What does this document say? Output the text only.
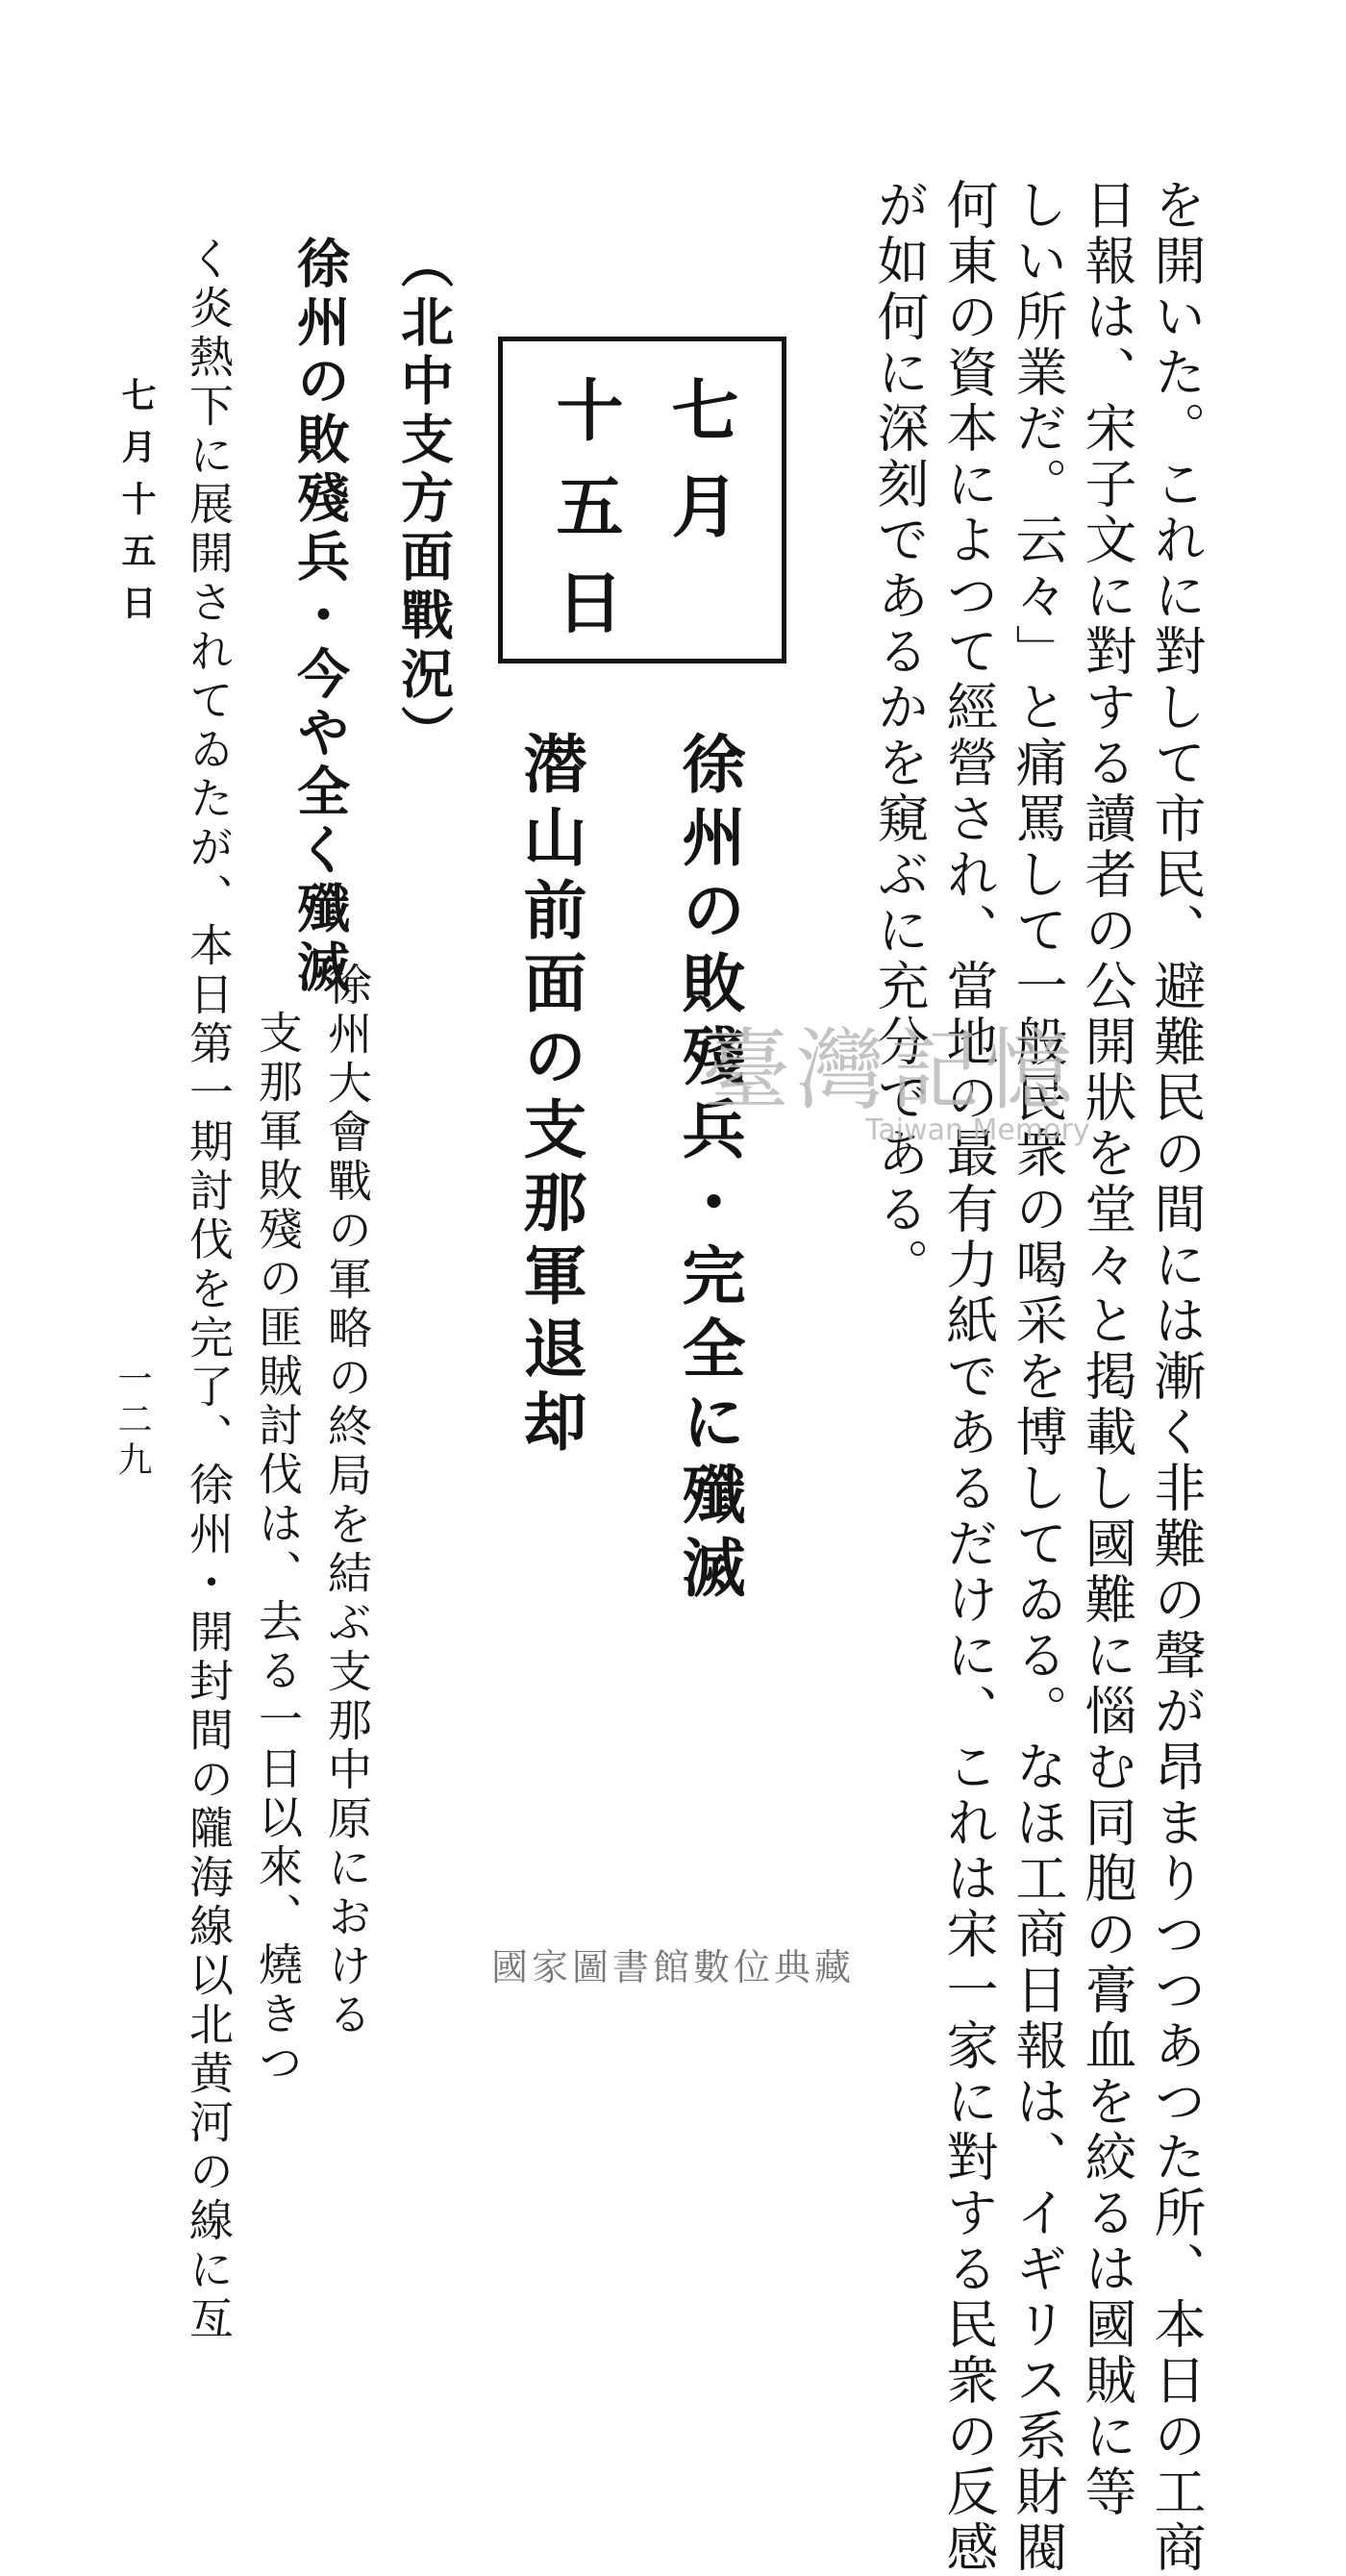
を開いた。これに對して市民、避難民の間には漸く非難の聲が昂まりつつあつた所、本日の工商
日報は、宋子文に對する讀者の公開狀を堂々と掲載し國難に惱む同胞の膏血を絞るは國賊に等
しい所業だ。云々」と痛罵して一般民衆の喝采を博してゐる。なほ工商日報は、イギリス系財閥
何東の資本によつて經營され、當地の最有力紙であるだけに、これは宋一家に對する民衆の反感
が如何に深刻であるかを窺ぶに充分である。
七月
十五日
徐州の敗殘兵・完全に殲滅
潜山前面の支那軍退却
（北中支方面戰況）
徐州の敗殘兵・今や全く殲滅
徐州大會戰の軍略の終局を結ぶ支那中原における
支那軍敗殘の匪賊討伐は、去る一日以來、燒きつ
く炎熱下に展開されてゐたが、本日第一期討伐を完了、徐州・開封間の隴海線以北黄河の線に亙
七月十五日
一二九
臺灣記憶
Taiwan Memory
國家圖書館數位典藏
